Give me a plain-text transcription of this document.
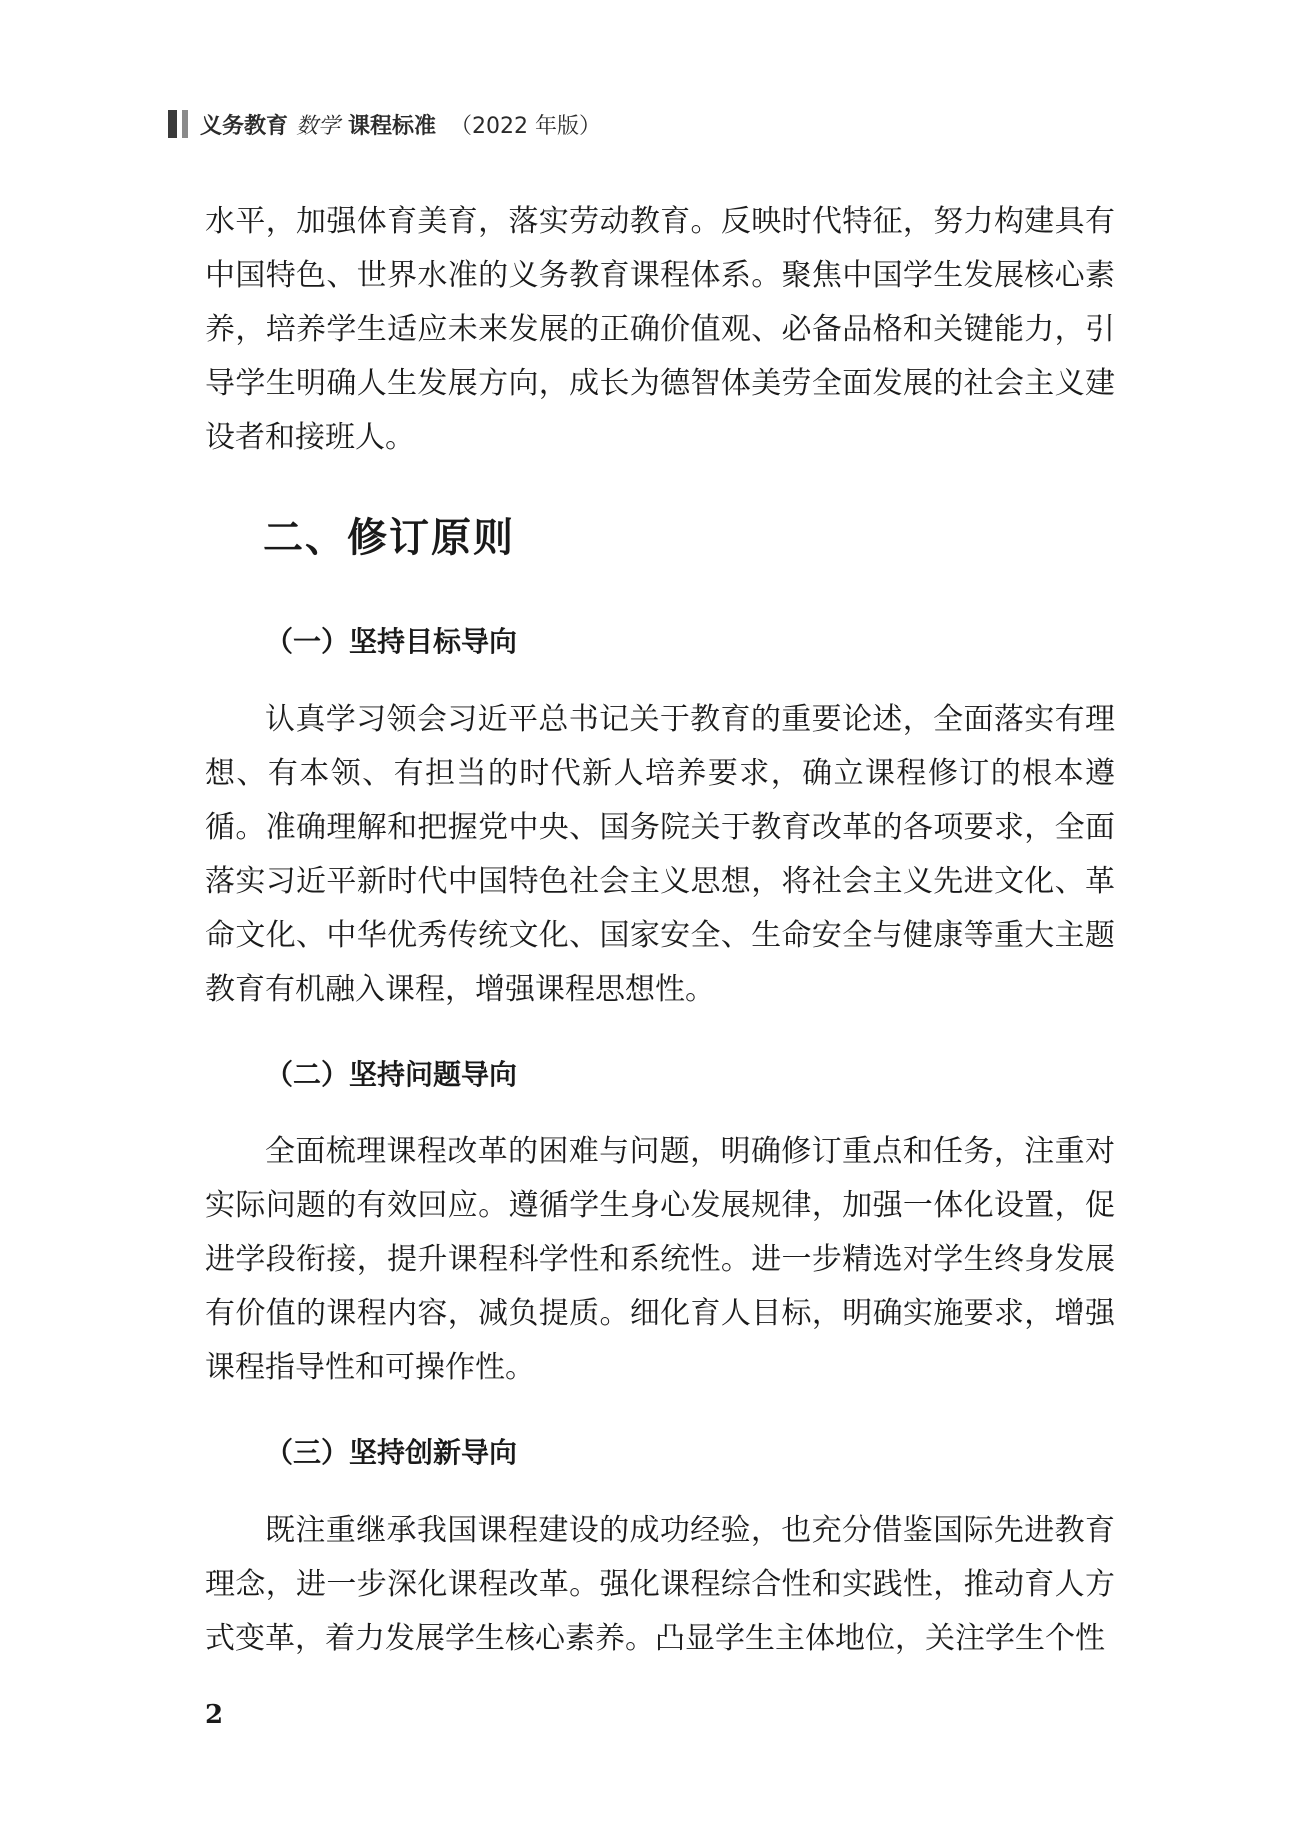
义务教育 数学 课程标准 （2022 年版）

水平，加强体育美育，落实劳动教育。反映时代特征，努力构建具有中国特色、世界水准的义务教育课程体系。聚焦中国学生发展核心素养，培养学生适应未来发展的正确价值观、必备品格和关键能力，引导学生明确人生发展方向，成长为德智体美劳全面发展的社会主义建设者和接班人。

二、修订原则
（一）坚持目标导向

认真学习领会习近平总书记关于教育的重要论述，全面落实有理想、有本领、有担当的时代新人培养要求，确立课程修订的根本遵循。准确理解和把握党中央、国务院关于教育改革的各项要求，全面落实习近平新时代中国特色社会主义思想，将社会主义先进文化、革命文化、中华优秀传统文化、国家安全、生命安全与健康等重大主题教育有机融入课程，增强课程思想性。

（二）坚持问题导向

全面梳理课程改革的困难与问题，明确修订重点和任务，注重对实际问题的有效回应。遵循学生身心发展规律，加强一体化设置，促进学段衔接，提升课程科学性和系统性。进一步精选对学生终身发展有价值的课程内容，减负提质。细化育人目标，明确实施要求，增强课程指导性和可操作性。

（三）坚持创新导向

既注重继承我国课程建设的成功经验，也充分借鉴国际先进教育理念，进一步深化课程改革。强化课程综合性和实践性，推动育人方式变革，着力发展学生核心素养。凸显学生主体地位，关注学生个性

2
